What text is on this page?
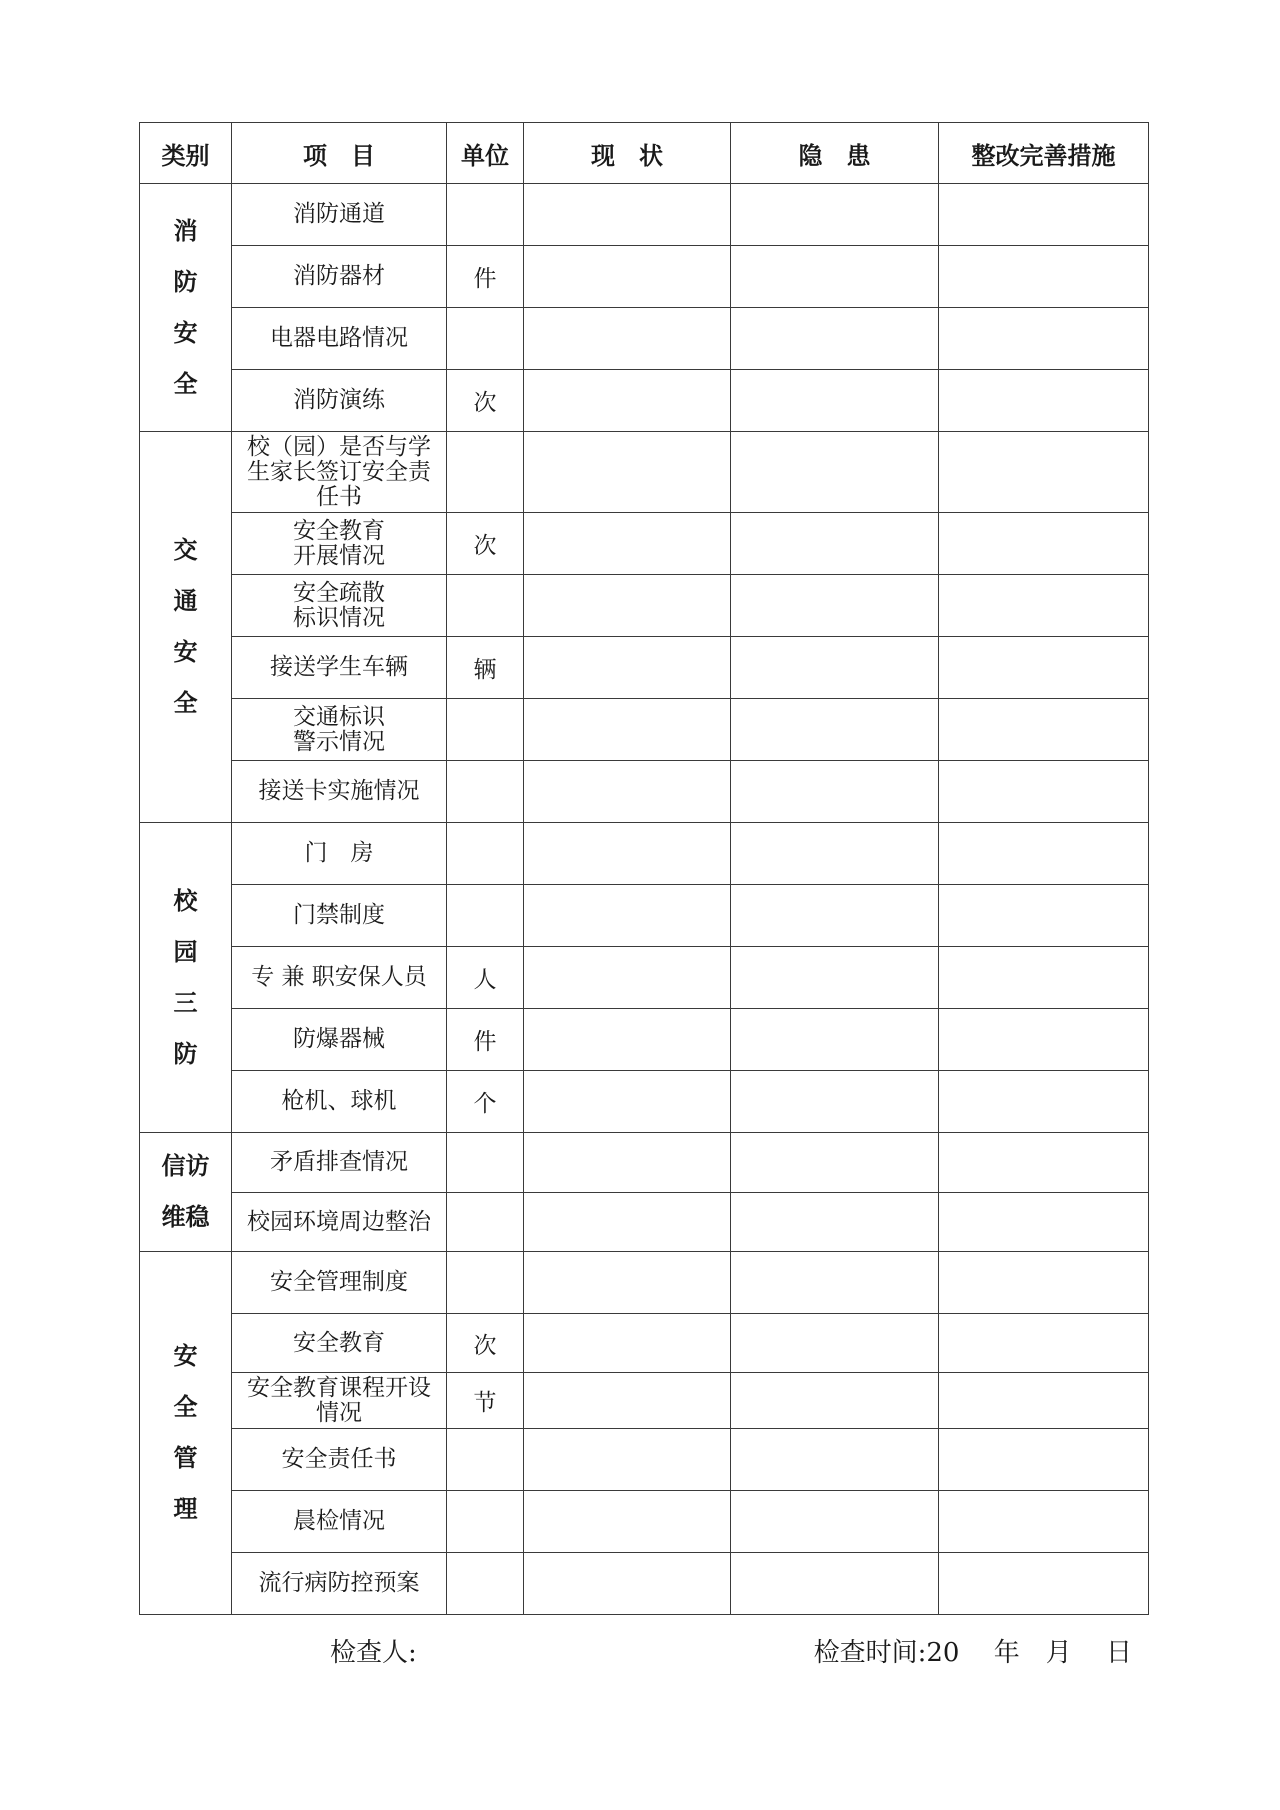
类别	项　目	单位	现　状	隐　患	整改完善措施
消防安全	消防通道				
	消防器材	件			
	电器电路情况				
	消防演练	次			
交通安全	校（园）是否与学生家长签订安全责任书				
	安全教育开展情况	次			
	安全疏散标识情况				
	接送学生车辆	辆			
	交通标识警示情况				
	接送卡实施情况				
校园三防	门　房				
	门禁制度				
	专 兼 职安保人员	人			
	防爆器械	件			
	枪机、球机	个			
信访维稳	矛盾排查情况				
	校园环境周边整治				
安全管理	安全管理制度				
	安全教育	次			
	安全教育课程开设情况	节			
	安全责任书				
	晨检情况				
	流行病防控预案				
检查人:	检查时间:20　 年　月　 日
